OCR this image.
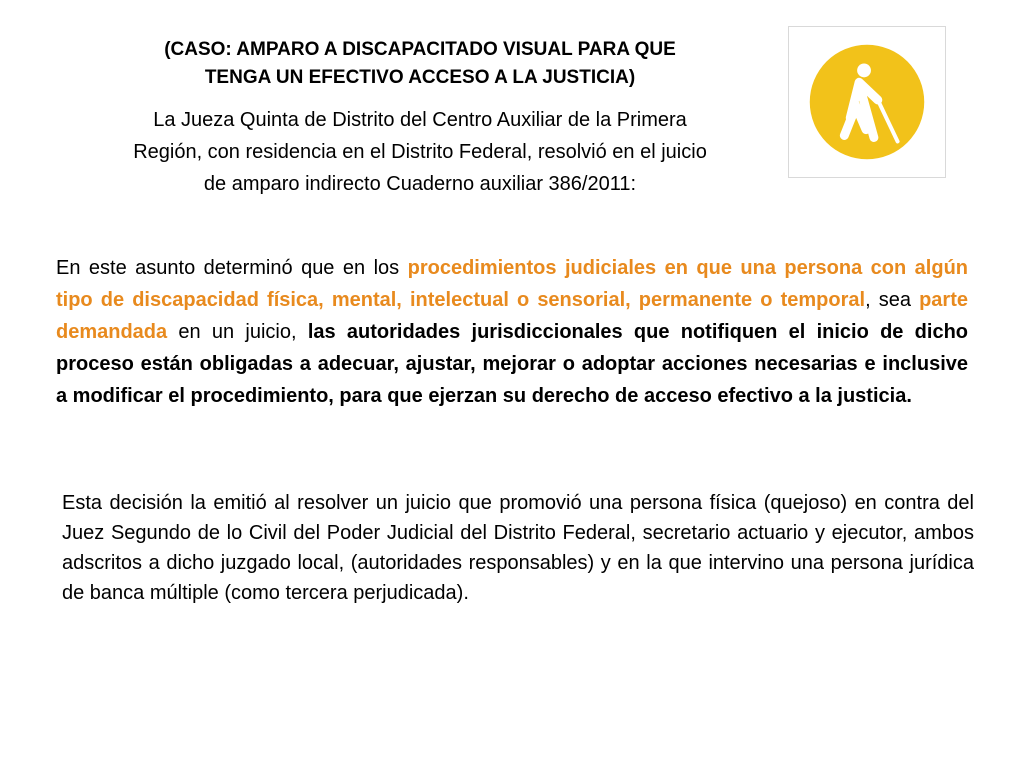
(CASO: AMPARO A DISCAPACITADO VISUAL PARA QUE
TENGA UN EFECTIVO ACCESO A LA JUSTICIA)
La Jueza Quinta de Distrito del Centro Auxiliar de la Primera Región, con residencia en el Distrito Federal, resolvió en el juicio de amparo indirecto Cuaderno auxiliar 386/2011:
En este asunto determinó que en los procedimientos judiciales en que una persona con algún tipo de discapacidad física, mental, intelectual o sensorial, permanente o temporal, sea parte demandada en un juicio, las autoridades jurisdiccionales que notifiquen el inicio de dicho proceso están obligadas a adecuar, ajustar, mejorar o adoptar acciones necesarias e inclusive a modificar el procedimiento, para que ejerzan su derecho de acceso efectivo a la justicia.
Esta decisión la emitió al resolver un juicio que promovió una persona física (quejoso) en contra del Juez Segundo de lo Civil del Poder Judicial del Distrito Federal, secretario actuario y ejecutor, ambos adscritos a dicho juzgado local, (autoridades responsables) y en la que intervino una persona jurídica de banca múltiple (como tercera perjudicada).
